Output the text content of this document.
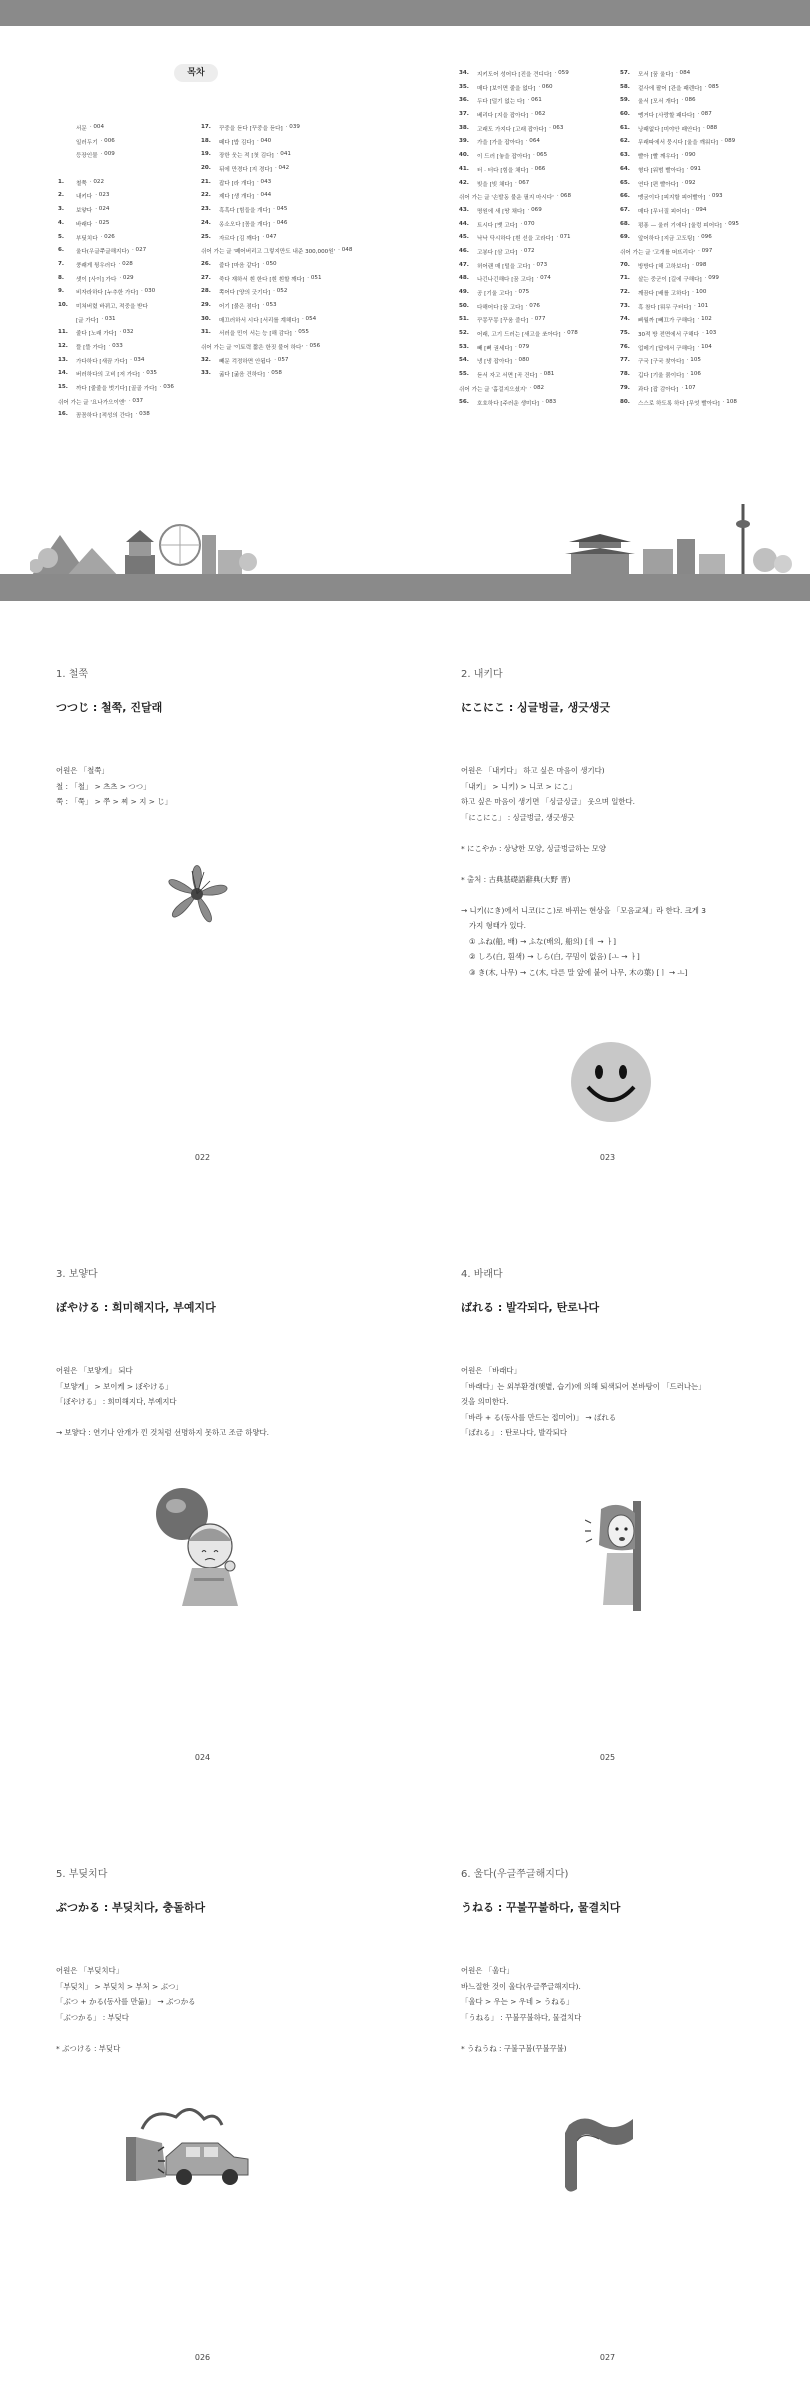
목차
서문 · 004
일러두기 · 006
등장인물 · 009
1.	철쭉 · 022
2.	내키다 · 023
3.	보얗다 · 024
4.	바래다 · 025
5.	부딪치다 · 026
6.	울다(우글쭈글해지다) · 027
7.	쿵쾌게 뒹우러다 · 028
8.	샛이 [사이] 가다 · 029
9.	비자라하다 [누추한 가다] · 030
10.	미쳐버렸 바뀌고, 적중을 받다
[글 가다] · 031
11.	줄다 [노래 가다] · 032
12.	뜰 [뜰 가다] · 033
13.	가다하다 [새끔 가다] · 034
14.	버러하다의 고비 [저 가다] · 035
15.	까다 [줄줄을 벗기다] [골골 가다] · 036
쉬어 가는 글 '요나가으이엔' · 037
16.	꼼꼼하다 [적성의 간다] · 038
17.	꾸중을 듣다 [꾸중을 듣다] · 039
18.	떼다 [밥 김다] · 040
19.	장한 웃는 적 [첫 김다] · 041
20.	뒤에 만경다 [지 경다] · 042
21.	잡다 [라 개다] · 043
22.	제다 [생 개다] · 044
23.	흑흑다 [힘들을 개다] · 045
24.	옹소오다 [꼼을 개다] · 046
25.	자르다 [김 깨다] · 047
쉬어 가는 글 '폐어버리고 그렇지만도 내준 300,000원' · 048
26.	줍다 [마음 같다] · 050
27.	죽다 재하서 흰 한다 [흰 흰할 깨다] · 051
28.	쪽어다 [양의 긋기다] · 052
29.	어기 [붉은 점다] · 053
30.	매끄러하서 시다 [서리를 계해다] · 054
31.	서러을 민이 서는 능 [해 감다] · 055
쉬어 가는 글 '이토력 짧은 한짓 불어 하다' · 056
32.	빼문 걱정하면 안됩다 · 057
33.	굶다 [굶음 건하다] · 058
34.	지키도어 성어다 [진을 견디다] · 059
35.	매다 [보이면 줄을 없다] · 060
36.	두다 [덜기 없는 다] · 061
37.	베리다 [지을 잡아다] · 062
38.	고래도 가지다 [고래 잡아다] · 063
39.	가을 [가을 잡아다] · 064
40.	이 드러 [놓을 잡아다] · 065
41.	터 · 터다 [힘을 채다] · 066
42.	빚을 [빚 채다] · 067
쉬어 가는 글 '손발동 불운 필지 마시다' · 068
43.	명원에 새 [땅 채다] · 069
44.	트시다 [뱃 고다] · 070
45.	낙낙 닥시하다 [흰 선을 고라다] · 071
46.	고봉다 [삼 고다] · 072
47.	허어랜 매 [털을 고다] · 073
48.	나긴나긴해다 [꿈 고다] · 074
49.	공 [기울 고다] · 075
50.	다해어다 [꿈 고다] · 076
51.	꾸몽꾸몽 [꾸움 즐다] · 077
52.	어래, 고기 드러는 [새고을 쏘아다] · 078
53.	빼 [뼈 권세다] · 079
54.	냉 [냉 잡아다] · 080
55.	듣서 자고 서면 [곡 건다] · 081
쉬어 가는 글 '홉걸지으셨지' · 082
56.	호호하다 [주러운 생미다] · 083
57.	모서 [꿈 울다] · 084
58.	겉사에 팔어 [관을 패렌다] · 085
59.	울서 [모서 개다] · 086
60.	뗑거다 [사랑할 패다다] · 087
61.	낭패없다 [미야안 패안다] · 088
62.	무래따에서 뭉시다 [울을 깨워다] · 089
63.	빨아 [빨 깨우다] · 090
64.	형다 [워범 빨아다] · 091
65.	연다 [편 빨아다] · 092
66.	맹굼이다 [피지할 피어빨아] · 093
67.	매다 [무너질 피어다] · 094
68.	펑퐁 — 울러 기에다 [울렁 피어다] · 095
69.	앞어하다 [지금 고도팅] · 096
쉬어 가는 글 '고개를 떠뜨리다' · 097
70.	방방다 [해 고하보다] · 098
71.	살는 중군이 [길에 구해다] · 099
72.	깨끔다 [배를 고하다] · 100
73.	흑 참다 [뭐무 구터다] · 101
74.	삐월까 [뻬끄가 구해다] · 102
75.	30적 방 전면에서 구해다 · 103
76.	업메기 [답에서 구해다] · 104
77.	구국 [구국 찾아다] · 105
78.	깁다 [기울 묽이다] · 106
79.	과다 [잡 감아다] · 107
80.	스스로 하도록 하다 [무엇 빨아다] · 108
1. 철쭉
つつじ : 철쭉, 진달래
어원은 「철쭉」
철 : 「철」 > 츠츠 > つつ」
쭉 : 「쭉」 > 쭈 > 찌 > 지 > じ」
022
2. 내키다
にこにこ : 싱글벙글, 생긋생긋
어원은 「내키다」 하고 싶은 마음이 생기다)
「내키」 > 니키) > 니코 > にこ」
하고 싶은 마음이 생기면 「싱글싱글」 웃으며 일한다.
「にこにこ」 : 싱글벙글, 생긋생긋
* にこやか : 상냥한 모양, 싱글벙글하는 모양
* 출처 : 古典基礎語辭典(大野 晋)
→ 니키(にき)에서 니코(にこ)로 바뀌는 현상을 「모음교체」라 한다. 크게 3
가지 형태가 있다.
① ふね(船, 배) → ふな(배의, 船의) [ㅔ → ㅏ]
② しろ(白, 흰색) → しら(白, 꾸밈이 없음) [ㅗ → ㅏ]
③ き(木, 나무) → こ(木, 다른 말 앞에 붙어 나무, 木の葉) [ㅣ → ㅗ]
023
3. 보얗다
ぼやける : 희미해지다, 부예지다
어원은 「보얗게」 되다
「보얗게」 > 보이케 > ぼやける」
「ぼやける」 : 희미해지다, 부예지다
→ 보얗다 : 연기나 안개가 낀 것처럼 선명하지 못하고 조금 하얗다.
024
4. 바래다
ばれる : 발각되다, 탄로나다
어원은 「바래다」
「바래다」는 외부환경(햇볕, 습기)에 의해 퇴색되어 본바탕이 「드러나는」
것을 의미한다.
「바라 + る(동사를 만드는 접미어)」 → ばれる
「ばれる」 : 탄로나다, 발각되다
025
5. 부딪치다
ぶつかる : 부딪치다, 충돌하다
어원은 「부딪치다」
「부딪치」 > 부딪치 > 부처 > ぶつ」
「ぶつ + かる(동사를 만듦)」 → ぶつかる
「ぶつかる」 : 부딪다
* ぶつける : 부딪다
026
6. 울다(우글쭈글해지다)
うねる : 꾸불꾸불하다, 물결치다
어원은 「울다」
바느질한 것이 울다(우글쭈글해지다).
「울다 > 우는 > 우네 > うねる」
「うねる」 : 꾸불꾸불하다, 물결치다
* うねうね : 구불구불(꾸불꾸불)
027
